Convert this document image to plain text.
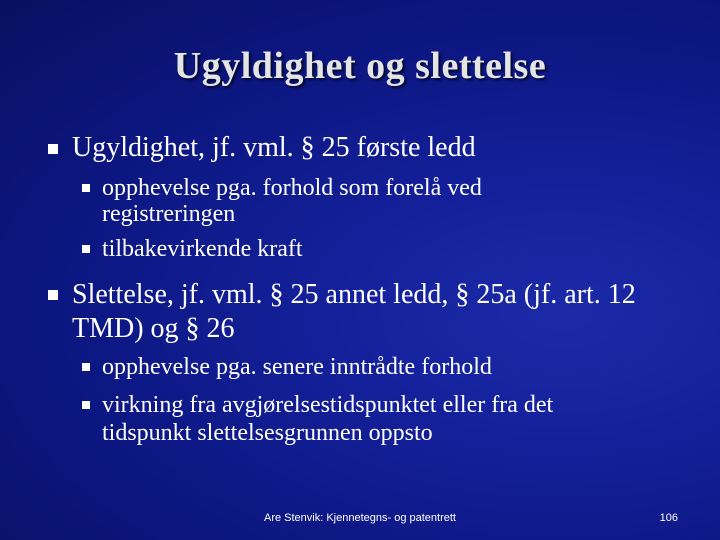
Ugyldighet og slettelse
Ugyldighet, jf. vml. § 25 første ledd
opphevelse pga. forhold som forelå ved
registreringen
tilbakevirkende kraft
Slettelse, jf. vml. § 25 annet ledd, § 25a (jf. art. 12
TMD) og § 26
opphevelse pga. senere inntrådte forhold
virkning fra avgjørelsestidspunktet eller fra det
tidspunkt slettelsesgrunnen oppsto
Are Stenvik: Kjennetegns- og patentrett	106
